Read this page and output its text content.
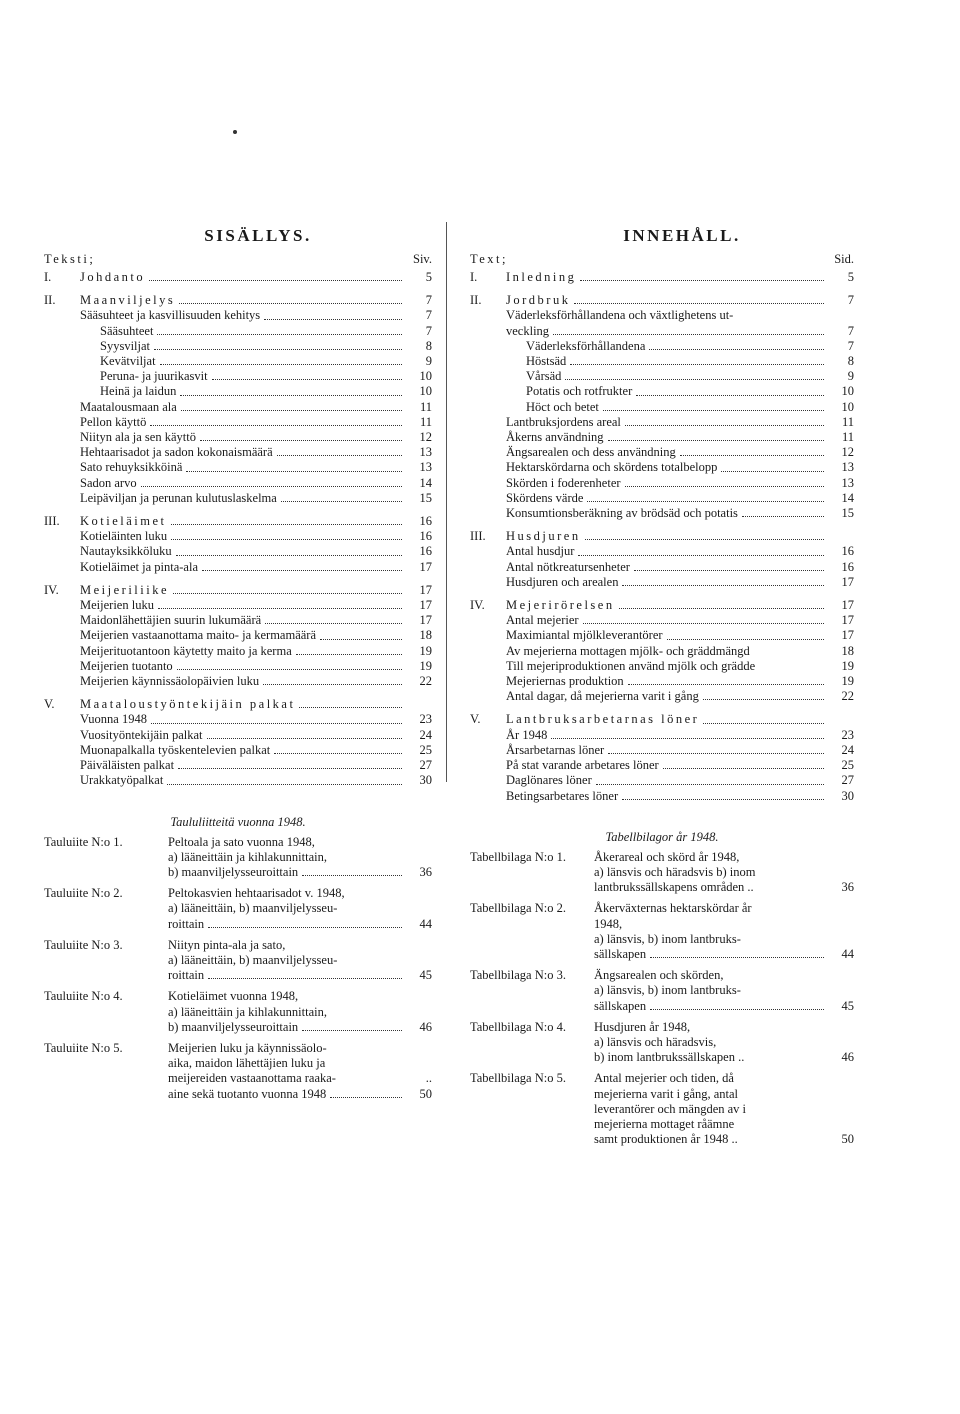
SISÄLLYS.
Teksti;	Siv.
I.	Johdanto	5
II.	Maanviljelys	7
Sääsuhteet ja kasvillisuuden kehitys	7
Sääsuhteet	7
Syysviljat	8
Kevätviljat	9
Peruna- ja juurikasvit	10
Heinä ja laidun	10
Maatalousmaan ala	11
Pellon käyttö	11
Niityn ala ja sen käyttö	12
Hehtaarisadot ja sadon kokonaismäärä	13
Sato rehuyksikköinä	13
Sadon arvo	14
Leipäviljan ja perunan kulutuslaskelma	15
III.	Kotieläimet	16
Kotieläinten luku	16
Nautayksikköluku	16
Kotieläimet ja pinta-ala	17
IV.	Meijeriliike	17
Meijerien luku	17
Maidonlähettäjien suurin lukumäärä	17
Meijerien vastaanottama maito- ja kermamäärä	18
Meijerituotantoon käytetty maito ja kerma	19
Meijerien tuotanto	19
Meijerien käynnissäolopäivien luku	22
V.	Maataloustyöntekijäin palkat
Vuonna 1948	23
Vuosityöntekijäin palkat	24
Muonapalkalla työskentelevien palkat	25
Päiväläisten palkat	27
Urakkatyöpalkat	30
Taululiitteitä vuonna 1948.
Tauluiite N:o 1.	Peltoala ja sato vuonna 1948,
a) lääneittäin ja kihlakunnittain,
b) maanviljelysseuroittain	36
Tauluiite N:o 2.	Peltokasvien hehtaarisadot v. 1948,
a) lääneittäin, b) maanviljelysseu-
roittain	44
Tauluiite N:o 3.	Niityn pinta-ala ja sato,
a) lääneittäin, b) maanviljelysseu-
roittain	45
Tauluiite N:o 4.	Kotieläimet vuonna 1948,
a) lääneittäin ja kihlakunnittain,
b) maanviljelysseuroittain	46
Tauluiite N:o 5.	Meijerien luku ja käynnissäolo-
aika, maidon lähettäjien luku ja
meijereiden vastaanottama raaka-	..
aine sekä tuotanto vuonna 1948	50
INNEHÅLL.
Text;	Sid.
I.	Inledning	5
II.	Jordbruk	7
Väderleksförhållandena och växtlighetens ut-
veckling	7
Väderleksförhållandena	7
Höstsäd	8
Vårsäd	9
Potatis och rotfrukter	10
Höct och betet	10
Lantbruksjordens areal	11
Åkerns användning	11
Ängsarealen och dess användning	12
Hektarskördarna och skördens totalbelopp	13
Skörden i foderenheter	13
Skördens värde	14
Konsumtionsberäkning av brödsäd och potatis	15
III.	Husdjuren
Antal husdjur	16
Antal nötkreatursenheter	16
Husdjuren och arealen	17
IV.	Mejerirörelsen	17
Antal mejerier	17
Maximiantal mjölkleverantörer	17
Av mejerierna mottagen mjölk- och gräddmängd	18
Till mejeriproduktionen använd mjölk och grädde	19
Mejeriernas produktion	19
Antal dagar, då mejerierna varit i gång	22
V.	Lantbruksarbetarnas löner
År 1948	23
Årsarbetarnas löner	24
På stat varande arbetares löner	25
Daglönares löner	27
Betingsarbetares löner	30
Tabellbilagor år 1948.
Tabellbilaga N:o 1.	Åkerareal och skörd år 1948,
a) länsvis och häradsvis b) inom
lantbrukssällskapens områden ..	36
Tabellbilaga N:o 2.	Åkerväxternas hektarskördar år
1948,
a) länsvis, b) inom lantbruks-
sällskapen	44
Tabellbilaga N:o 3.	Ängsarealen och skörden,
a) länsvis, b) inom lantbruks-
sällskapen	45
Tabellbilaga N:o 4.	Husdjuren år 1948,
a) länsvis och häradsvis,
b) inom lantbrukssällskapen ..	46
Tabellbilaga N:o 5.	Antal mejerier och tiden, då
mejerierna varit i gång, antal
leverantörer och mängden av i
mejerierna mottaget råämne
samt produktionen år 1948 ..	50
